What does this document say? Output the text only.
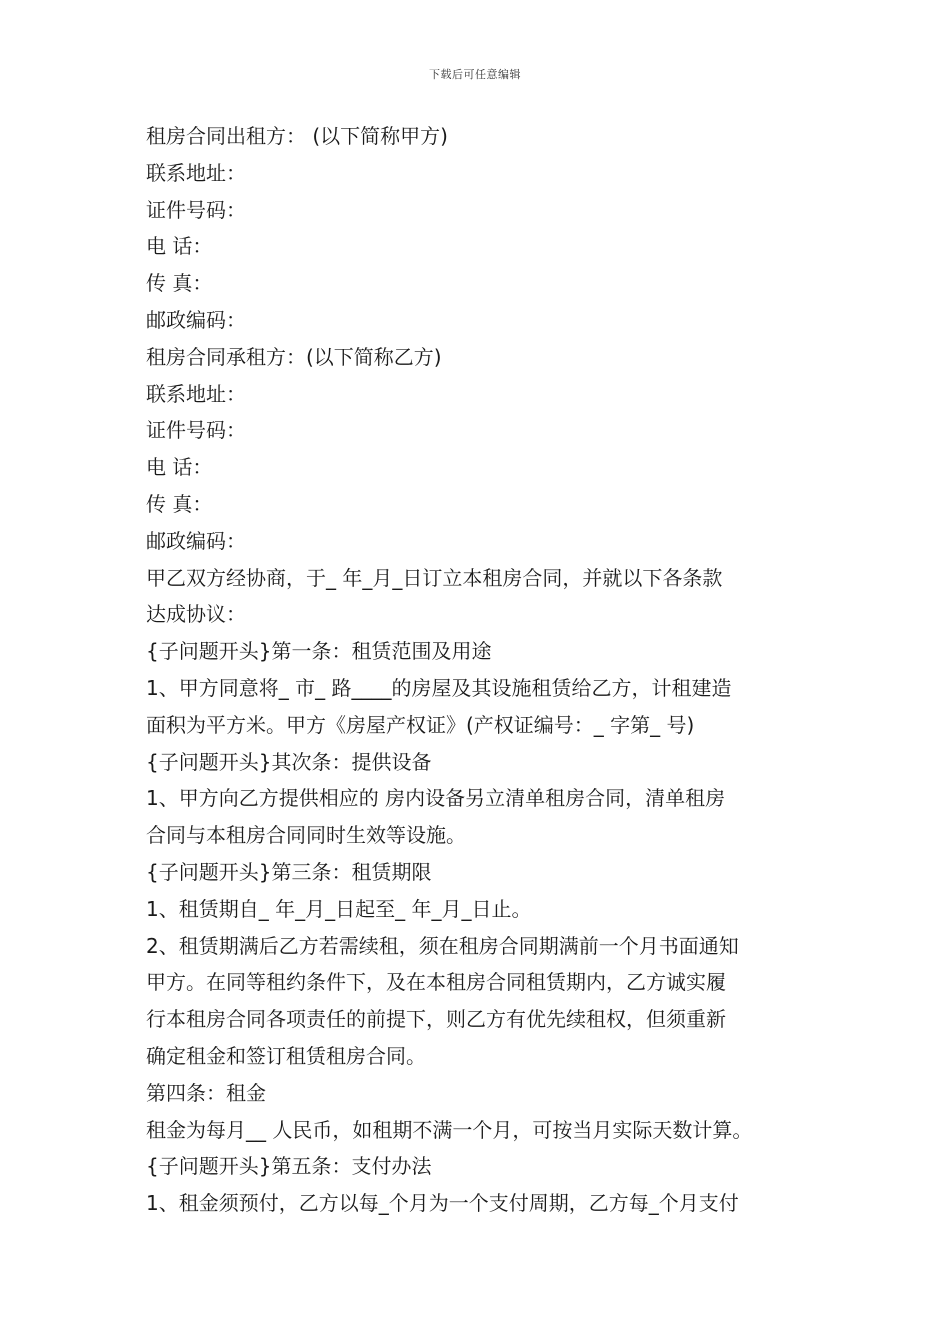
下载后可任意编辑
租房合同出租方： (以下简称甲方)
联系地址：
证件号码：
电 话：
传 真：
邮政编码：
租房合同承租方：(以下简称乙方)
联系地址：
证件号码：
电 话：
传 真：
邮政编码：
甲乙双方经协商，于_ 年_月_日订立本租房合同，并就以下各条款
达成协议：
{子问题开头}第一条：租赁范围及用途
1、甲方同意将_ 市_ 路____的房屋及其设施租赁给乙方，计租建造
面积为平方米。甲方《房屋产权证》(产权证编号：_ 字第_ 号)
{子问题开头}其次条：提供设备
1、甲方向乙方提供相应的 房内设备另立清单租房合同，清单租房
合同与本租房合同同时生效等设施。
{子问题开头}第三条：租赁期限
1、租赁期自_ 年_月_日起至_ 年_月_日止。
2、租赁期满后乙方若需续租，须在租房合同期满前一个月书面通知
甲方。在同等租约条件下，及在本租房合同租赁期内，乙方诚实履
行本租房合同各项责任的前提下，则乙方有优先续租权，但须重新
确定租金和签订租赁租房合同。
第四条：租金
租金为每月__ 人民币，如租期不满一个月，可按当月实际天数计算。
{子问题开头}第五条：支付办法
1、租金须预付，乙方以每_个月为一个支付周期，乙方每_个月支付
